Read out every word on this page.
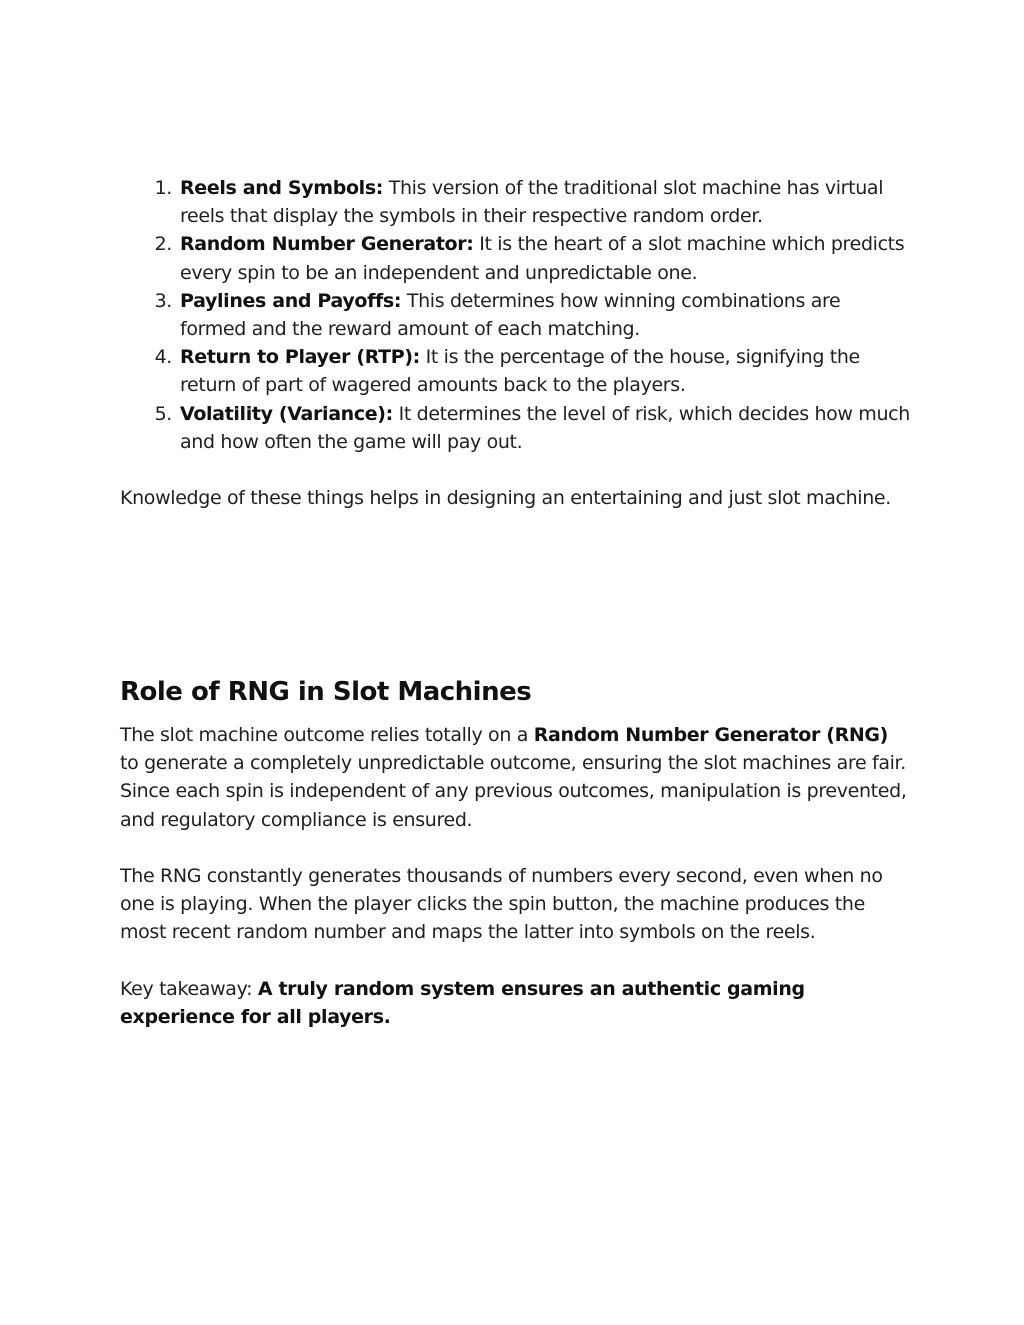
1. Reels and Symbols: This version of the traditional slot machine has virtual reels that display the symbols in their respective random order.
2. Random Number Generator: It is the heart of a slot machine which predicts every spin to be an independent and unpredictable one.
3. Paylines and Payoffs: This determines how winning combinations are formed and the reward amount of each matching.
4. Return to Player (RTP): It is the percentage of the house, signifying the return of part of wagered amounts back to the players.
5. Volatility (Variance): It determines the level of risk, which decides how much and how often the game will pay out.

Knowledge of these things helps in designing an entertaining and just slot machine.

Role of RNG in Slot Machines

The slot machine outcome relies totally on a Random Number Generator (RNG) to generate a completely unpredictable outcome, ensuring the slot machines are fair. Since each spin is independent of any previous outcomes, manipulation is prevented, and regulatory compliance is ensured.

The RNG constantly generates thousands of numbers every second, even when no one is playing. When the player clicks the spin button, the machine produces the most recent random number and maps the latter into symbols on the reels.

Key takeaway: A truly random system ensures an authentic gaming experience for all players.
